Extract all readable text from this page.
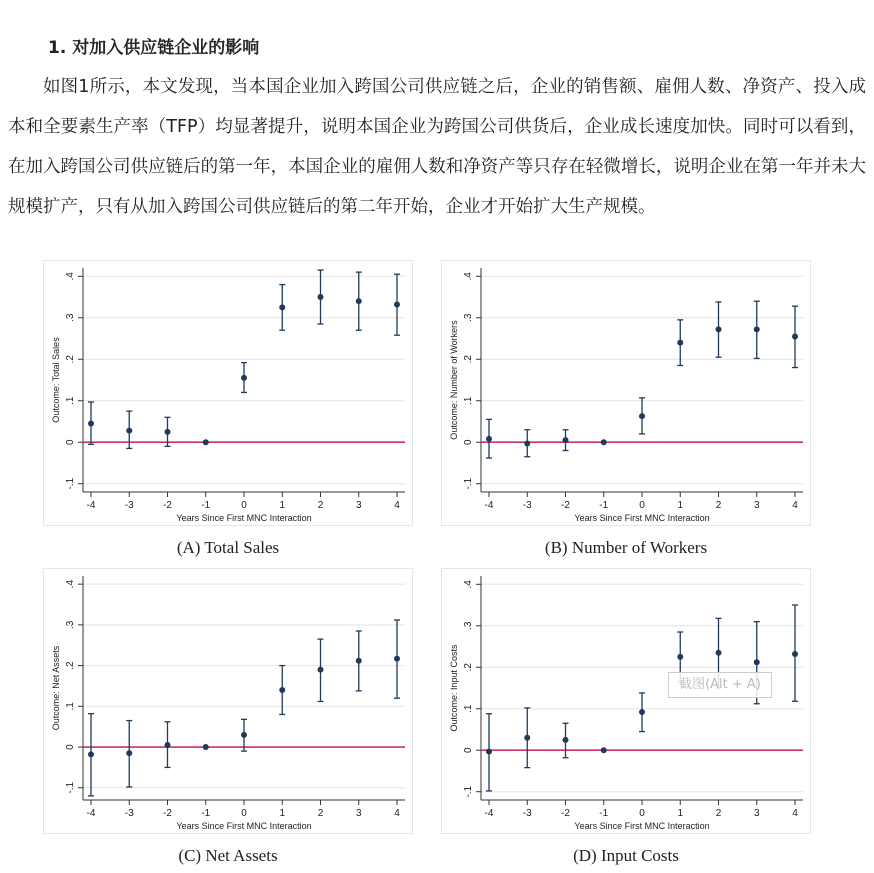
1. 对加入供应链企业的影响

如图1所示，本文发现，当本国企业加入跨国公司供应链之后，企业的销售额、雇佣人数、净资产、投入成本和全要素生产率（TFP）均显著提升，说明本国企业为跨国公司供货后，企业成长速度加快。同时可以看到，在加入跨国公司供应链后的第一年，本国企业的雇佣人数和净资产等只存在轻微增长，说明企业在第一年并未大规模扩产，只有从加入跨国公司供应链后的第二年开始，企业才开始扩大生产规模。

-.1
0
.1
.2
.3
.4
-4	-3	-2	-1	0	1	2	3	4
Years Since First MNC Interaction
Outcome: Total Sales
(A) Total Sales
-.1
0
.1
.2
.3
.4
-4	-3	-2	-1	0	1	2	3	4
Years Since First MNC Interaction
Outcome: Number of Workers
(B) Number of Workers
-.1
0
.1
.2
.3
.4
-4	-3	-2	-1	0	1	2	3	4
Years Since First MNC Interaction
Outcome: Net Assets
(C) Net Assets
-.1
0
.1
.2
.3
.4
-4	-3	-2	-1	0	1	2	3	4
Years Since First MNC Interaction
Outcome: Input Costs
(D) Input Costs
截图(Alt + A)
